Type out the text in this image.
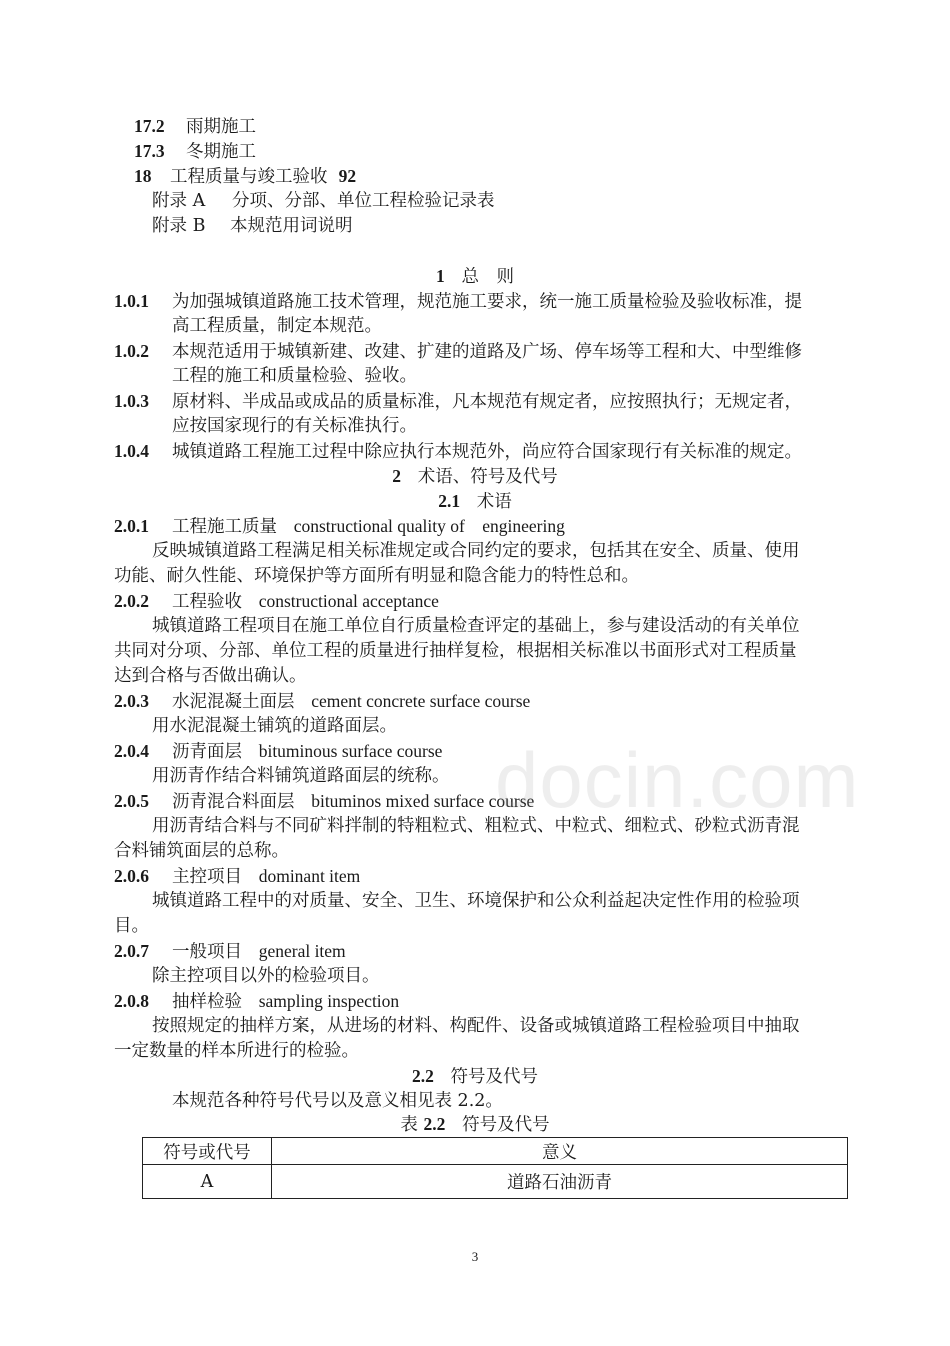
17.2 雨期施工
17.3 冬期施工
18 工程质量与竣工验收 92
附录 A 分项、分部、单位工程检验记录表
附录 B 本规范用词说明
1 总　则
1.0.1 为加强城镇道路施工技术管理，规范施工要求，统一施工质量检验及验收标准，提
高工程质量，制定本规范。
1.0.2 本规范适用于城镇新建、改建、扩建的道路及广场、停车场等工程和大、中型维修
工程的施工和质量检验、验收。
1.0.3 原材料、半成品或成品的质量标准，凡本规范有规定者，应按照执行；无规定者，
应按国家现行的有关标准执行。
1.0.4 城镇道路工程施工过程中除应执行本规范外，尚应符合国家现行有关标准的规定。
2 术语、符号及代号
2.1 术语
2.0.1 工程施工质量 constructional quality of　engineering
反映城镇道路工程满足相关标准规定或合同约定的要求，包括其在安全、质量、使用
功能、耐久性能、环境保护等方面所有明显和隐含能力的特性总和。
2.0.2 工程验收 constructional acceptance
城镇道路工程项目在施工单位自行质量检查评定的基础上，参与建设活动的有关单位
共同对分项、分部、单位工程的质量进行抽样复检，根据相关标准以书面形式对工程质量
达到合格与否做出确认。
2.0.3 水泥混凝土面层 cement concrete surface course
用水泥混凝土铺筑的道路面层。
2.0.4 沥青面层 bituminous surface course
用沥青作结合料铺筑道路面层的统称。
2.0.5 沥青混合料面层 bituminos mixed surface course
用沥青结合料与不同矿料拌制的特粗粒式、粗粒式、中粒式、细粒式、砂粒式沥青混
合料铺筑面层的总称。
2.0.6 主控项目 dominant item
城镇道路工程中的对质量、安全、卫生、环境保护和公众利益起决定性作用的检验项
目。
2.0.7 一般项目 general item
除主控项目以外的检验项目。
2.0.8 抽样检验 sampling inspection
按照规定的抽样方案，从进场的材料、构配件、设备或城镇道路工程检验项目中抽取
一定数量的样本所进行的检验。
2.2 符号及代号
本规范各种符号代号以及意义相见表 2.2。
表 2.2 符号及代号
符号或代号	意义
A	道路石油沥青
docin.com
3
